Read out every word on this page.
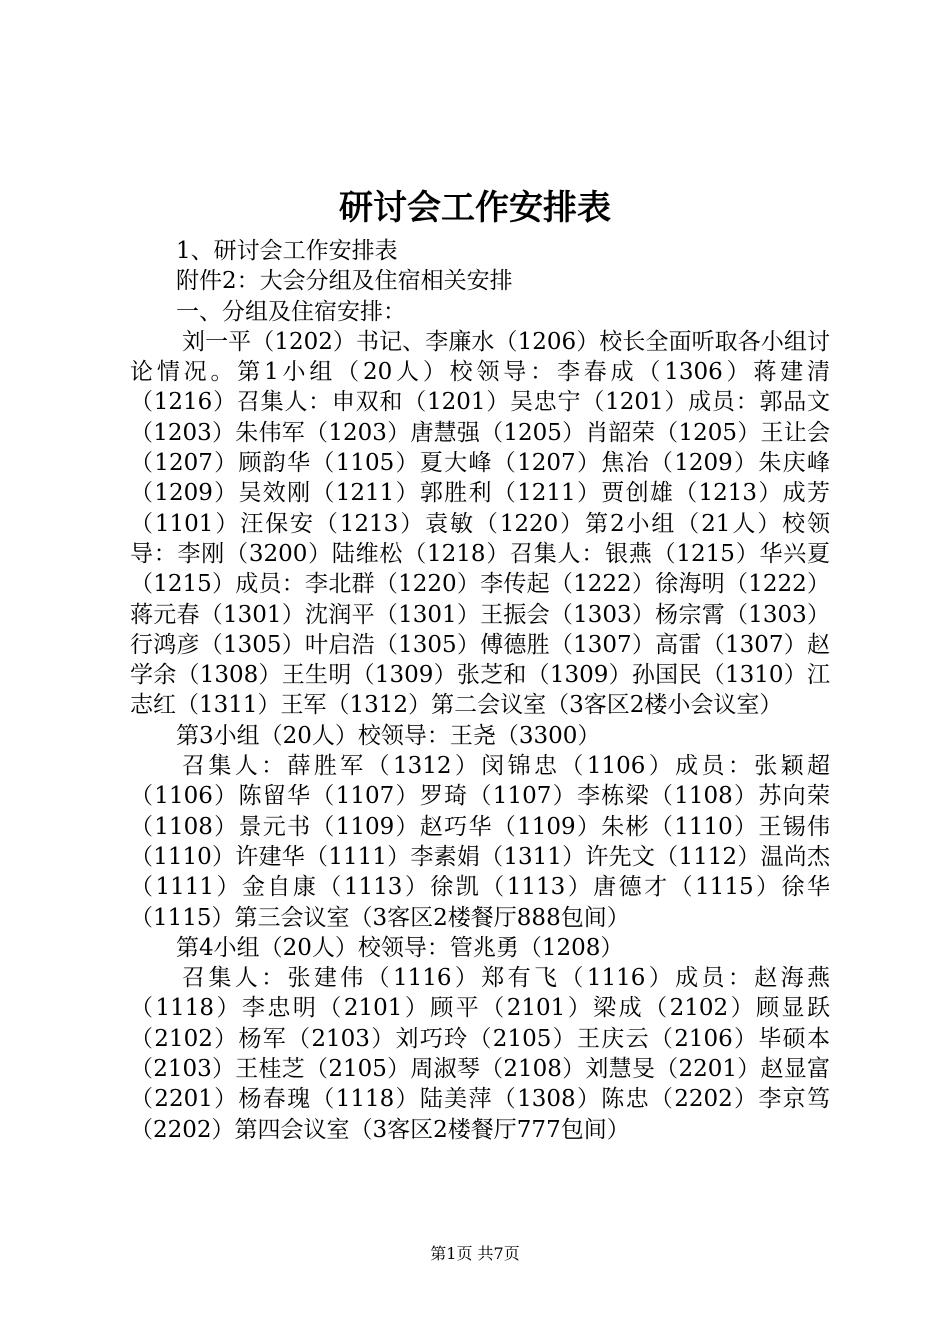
研讨会工作安排表

1、研讨会工作安排表

附件2：大会分组及住宿相关安排

一、分组及住宿安排：

刘一平（1202）书记、李廉水（1206）校长全面听取各小组讨论情况。第1小组（20人）校领导：李春成（1306）蒋建清（1216）召集人：申双和（1201）吴忠宁（1201）成员：郭品文（1203）朱伟军（1203）唐慧强（1205）肖韶荣（1205）王让会（1207）顾韵华（1105）夏大峰（1207）焦冶（1209）朱庆峰（1209）吴效刚（1211）郭胜利（1211）贾创雄（1213）成芳（1101）汪保安（1213）袁敏（1220）第2小组（21人）校领导：李刚（3200）陆维松（1218）召集人：银燕（1215）华兴夏（1215）成员：李北群（1220）李传起（1222）徐海明（1222）蒋元春（1301）沈润平（1301）王振会（1303）杨宗霄（1303）行鸿彦（1305）叶启浩（1305）傅德胜（1307）高雷（1307）赵学余（1308）王生明（1309）张芝和（1309）孙国民（1310）江志红（1311）王军（1312）第二会议室（3客区2楼小会议室）

第3小组（20人）校领导：王尧（3300）

召集人：薛胜军（1312）闵锦忠（1106）成员：张颖超（1106）陈留华（1107）罗琦（1107）李栋梁（1108）苏向荣（1108）景元书（1109）赵巧华（1109）朱彬（1110）王锡伟（1110）许建华（1111）李素娟（1311）许先文（1112）温尚杰（1111）金自康（1113）徐凯（1113）唐德才（1115）徐华（1115）第三会议室（3客区2楼餐厅888包间）

第4小组（20人）校领导：管兆勇（1208）

召集人：张建伟（1116）郑有飞（1116）成员：赵海燕（1118）李忠明（2101）顾平（2101）梁成（2102）顾显跃（2102）杨军（2103）刘巧玲（2105）王庆云（2106）毕硕本（2103）王桂芝（2105）周淑琴（2108）刘慧旻（2201）赵显富（2201）杨春瑰（1118）陆美萍（1308）陈忠（2202）李京笃（2202）第四会议室（3客区2楼餐厅777包间）

第1页 共7页
